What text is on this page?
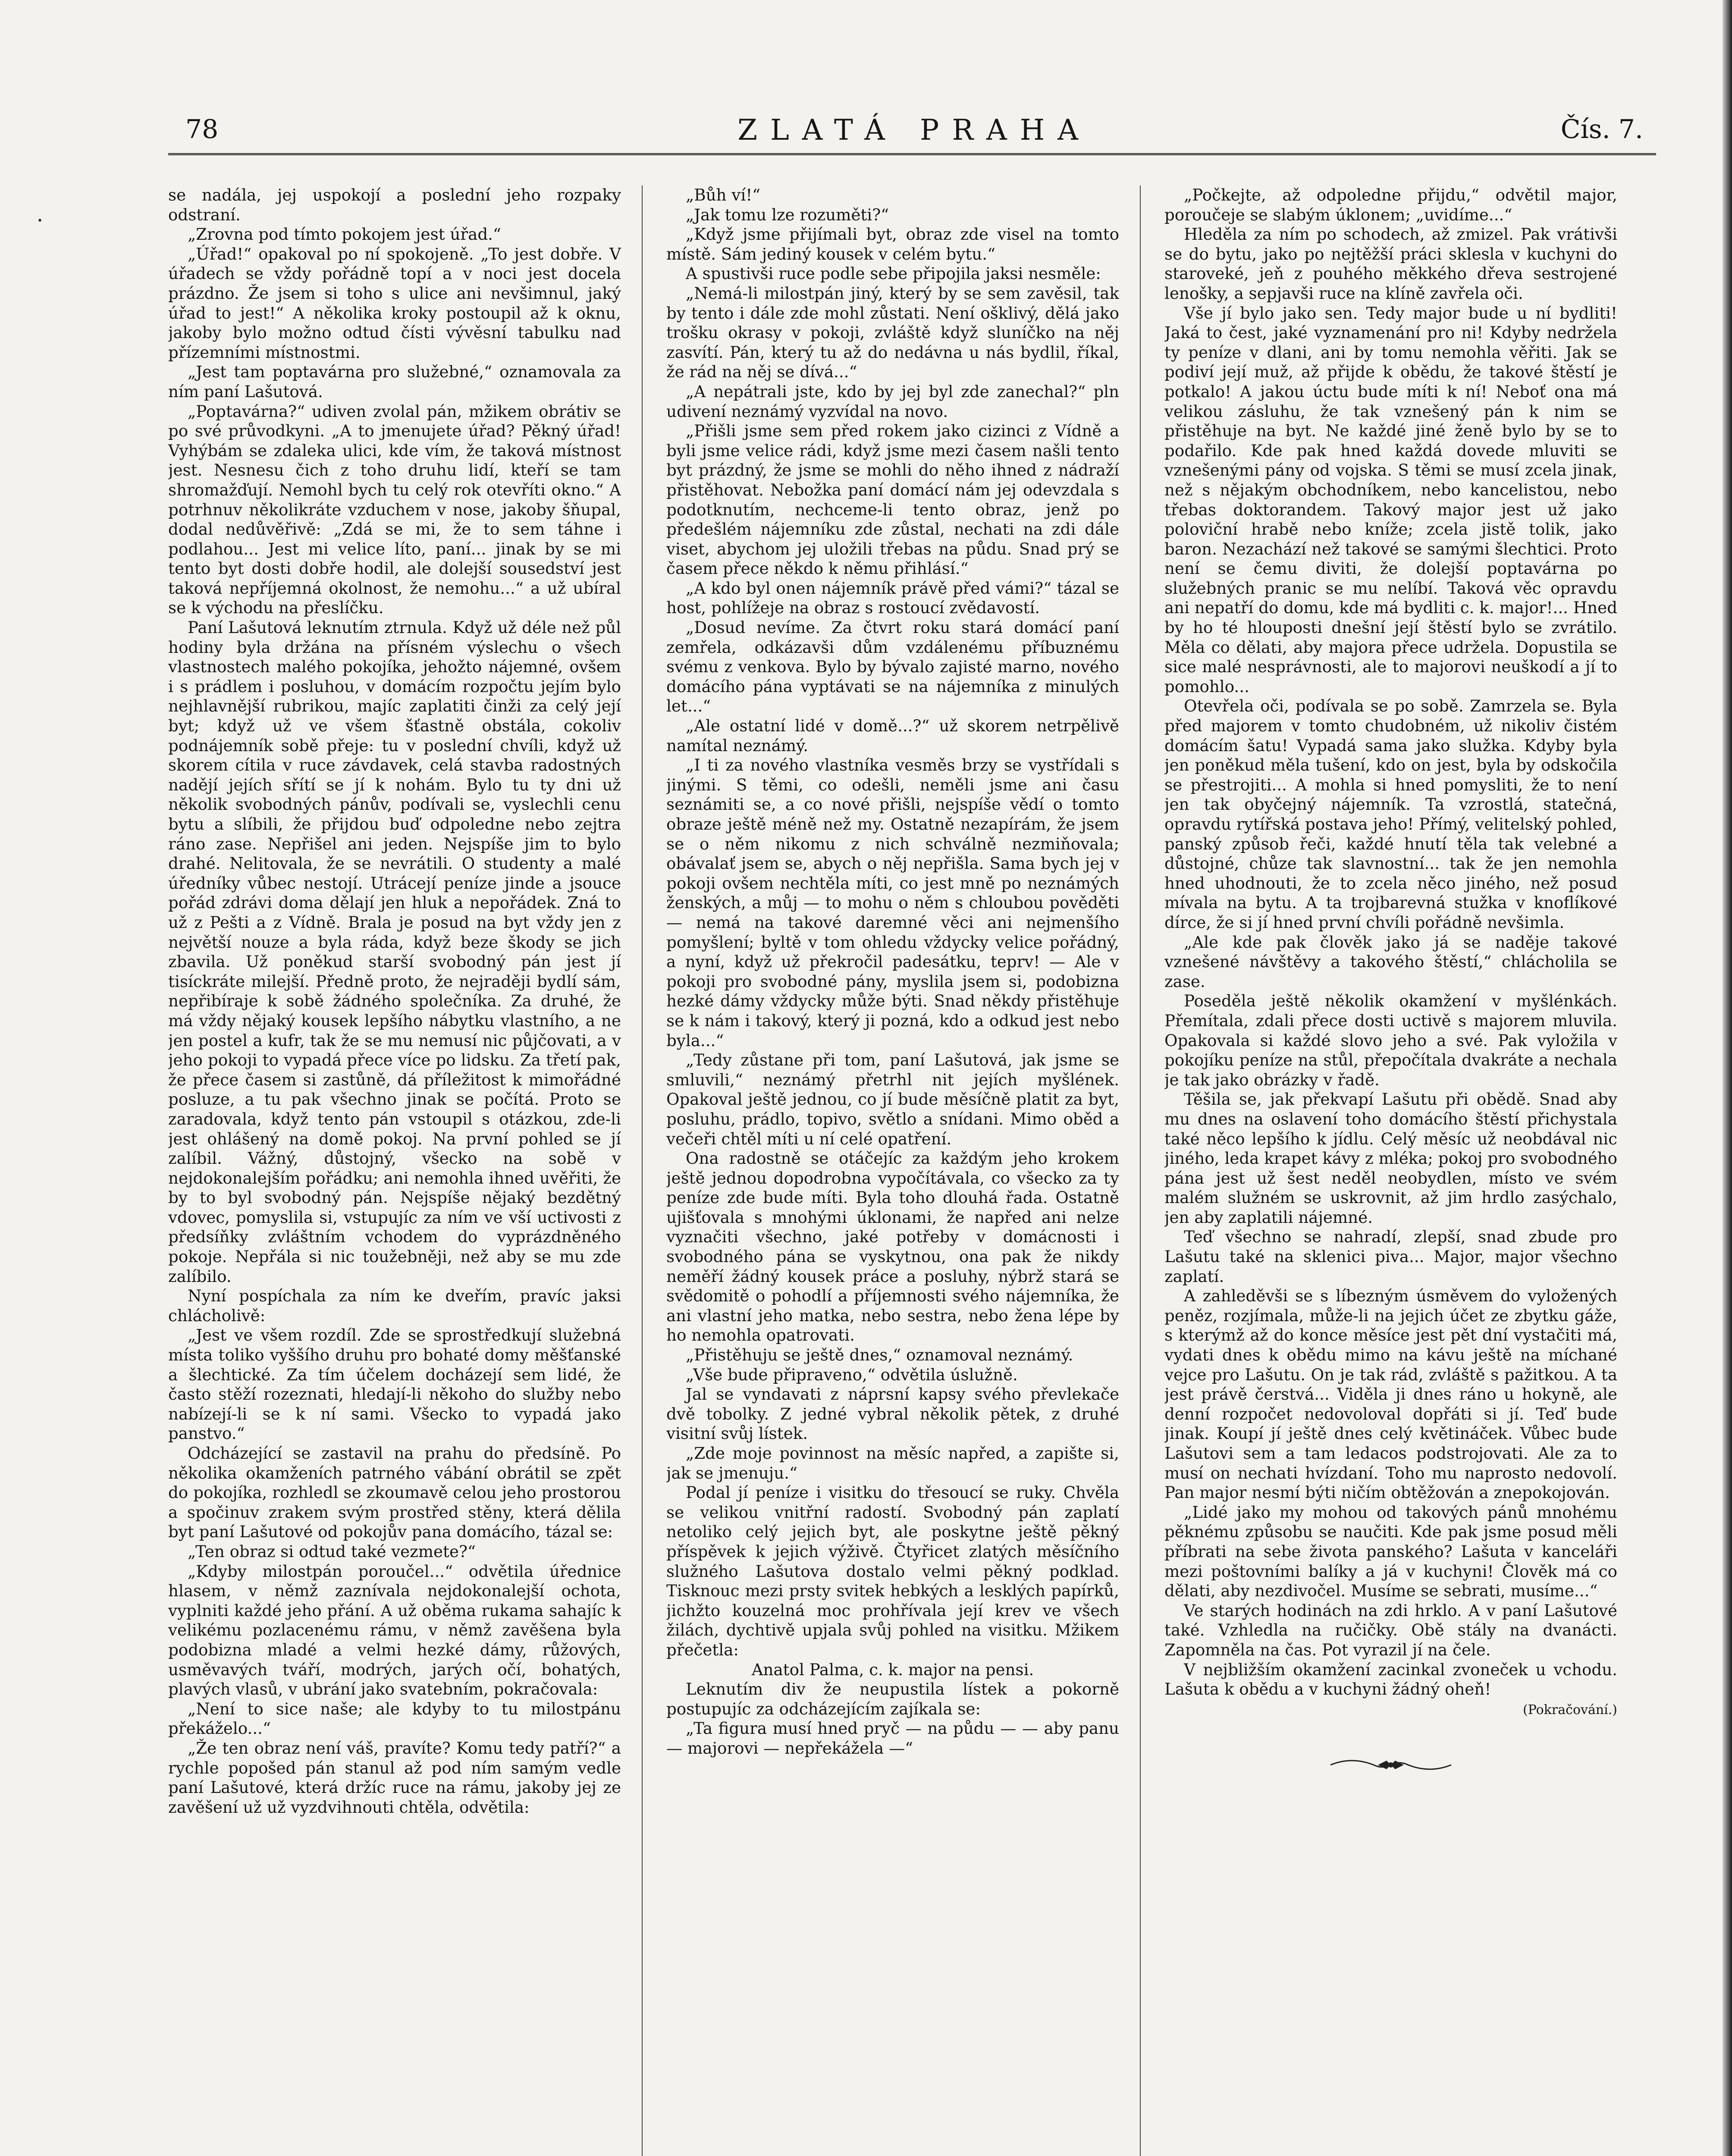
•
78	ZLATÁ PRAHA	Čís. 7.

se nadála, jej uspokojí a poslední jeho rozpaky odstraní.

„Zrovna pod tímto pokojem jest úřad.“

„Úřad!“ opakoval po ní spokojeně. „To jest dobře. V úřadech se vždy pořádně topí a v noci jest docela prázdno. Že jsem si toho s ulice ani nevšimnul, jaký úřad to jest!“ A několika kroky postoupil až k oknu, jakoby bylo možno odtud čísti vývěsní tabulku nad přízemními místnostmi.

„Jest tam poptavárna pro služebné,“ oznamovala za ním paní Lašutová.

„Poptavárna?“ udiven zvolal pán, mžikem obrátiv se po své průvodkyni. „A to jmenujete úřad? Pěkný úřad! Vyhýbám se zdaleka ulici, kde vím, že taková místnost jest. Nesnesu čich z toho druhu lidí, kteří se tam shromažďují. Nemohl bych tu celý rok otevříti okno.“ A potrhnuv několikráte vzduchem v nose, jakoby šňupal, dodal nedůvěřivě: „Zdá se mi, že to sem táhne i podlahou... Jest mi velice líto, paní... jinak by se mi tento byt dosti dobře hodil, ale dolejší sousedství jest taková nepříjemná okolnost, že nemohu...“ a už ubíral se k východu na přeslíčku.

Paní Lašutová leknutím ztrnula. Když už déle než půl hodiny byla držána na přísném výslechu o všech vlastnostech malého pokojíka, jehožto nájemné, ovšem i s prádlem i posluhou, v domácím rozpočtu jejím bylo nejhlavnější rubrikou, majíc zaplatiti činži za celý její byt; když už ve všem šťastně obstála, cokoliv podnájemník sobě přeje: tu v poslední chvíli, když už skorem cítila v ruce závdavek, celá stavba radostných nadějí jejích sřítí se jí k nohám. Bylo tu ty dni už několik svobodných pánův, podívali se, vyslechli cenu bytu a slíbili, že přijdou buď odpoledne nebo zejtra ráno zase. Nepřišel ani jeden. Nejspíše jim to bylo drahé. Nelitovala, že se nevrátili. O studenty a malé úředníky vůbec nestojí. Utrácejí peníze jinde a jsouce pořád zdrávi doma dělají jen hluk a nepořádek. Zná to už z Pešti a z Vídně. Brala je posud na byt vždy jen z největší nouze a byla ráda, když beze škody se jich zbavila. Už poněkud starší svobodný pán jest jí tisíckráte milejší. Předně proto, že nejraději bydlí sám, nepřibíraje k sobě žádného společníka. Za druhé, že má vždy nějaký kousek lepšího nábytku vlastního, a ne jen postel a kufr, tak že se mu nemusí nic půjčovati, a v jeho pokoji to vypadá přece více po lidsku. Za třetí pak, že přece časem si zastůně, dá příležitost k mimořádné posluze, a tu pak všechno jinak se počítá. Proto se zaradovala, když tento pán vstoupil s otázkou, zde-li jest ohlášený na domě pokoj. Na první pohled se jí zalíbil. Vážný, důstojný, všecko na sobě v nejdokonalejším pořádku; ani nemohla ihned uvěřiti, že by to byl svobodný pán. Nejspíše nějaký bezdětný vdovec, pomyslila si, vstupujíc za ním ve vší uctivosti z předsíňky zvláštním vchodem do vyprázdněného pokoje. Nepřála si nic toužebněji, než aby se mu zde zalíbilo.

Nyní pospíchala za ním ke dveřím, pravíc jaksi chlácholivě:

„Jest ve všem rozdíl. Zde se sprostředkují služebná místa toliko vyššího druhu pro bohaté domy měšťanské a šlechtické. Za tím účelem docházejí sem lidé, že často stěží rozeznati, hledají-li někoho do služby nebo nabízejí-li se k ní sami. Všecko to vypadá jako panstvo.“

Odcházející se zastavil na prahu do předsíně. Po několika okamženích patrného vábání obrátil se zpět do pokojíka, rozhledl se zkoumavě celou jeho prostorou a spočinuv zrakem svým prostřed stěny, která dělila byt paní Lašutové od pokojův pana domácího, tázal se:

„Ten obraz si odtud také vezmete?“

„Kdyby milostpán poroučel...“ odvětila úřednice hlasem, v němž zaznívala nejdokonalejší ochota, vyplniti každé jeho přání. A už oběma rukama sahajíc k velikému pozlacenému rámu, v němž zavěšena byla podobizna mladé a velmi hezké dámy, růžových, usměvavých tváří, modrých, jarých očí, bohatých, plavých vlasů, v ubrání jako svatebním, pokračovala:

„Není to sice naše; ale kdyby to tu milostpánu překáželo...“

„Že ten obraz není váš, pravíte? Komu tedy patří?“ a rychle popošed pán stanul až pod ním samým vedle paní Lašutové, která držíc ruce na rámu, jakoby jej ze zavěšení už už vyzdvihnouti chtěla, odvětila:

„Bůh ví!“

„Jak tomu lze rozuměti?“

„Když jsme přijímali byt, obraz zde visel na tomto místě. Sám jediný kousek v celém bytu.“

A spustivši ruce podle sebe připojila jaksi nesměle:

„Nemá-li milostpán jiný, který by se sem zavěsil, tak by tento i dále zde mohl zůstati. Není ošklivý, dělá jako trošku okrasy v pokoji, zvláště když sluníčko na něj zasvítí. Pán, který tu až do nedávna u nás bydlil, říkal, že rád na něj se dívá...“

„A nepátrali jste, kdo by jej byl zde zanechal?“ pln udivení neznámý vyzvídal na novo.

„Přišli jsme sem před rokem jako cizinci z Vídně a byli jsme velice rádi, když jsme mezi časem našli tento byt prázdný, že jsme se mohli do něho ihned z nádraží přistěhovat. Nebožka paní domácí nám jej odevzdala s podotknutím, nechceme-li tento obraz, jenž po předešlém nájemníku zde zůstal, nechati na zdi dále viset, abychom jej uložili třebas na půdu. Snad prý se časem přece někdo k němu přihlásí.“

„A kdo byl onen nájemník právě před vámi?“ tázal se host, pohlížeje na obraz s rostoucí zvědavostí.

„Dosud nevíme. Za čtvrt roku stará domácí paní zemřela, odkázavši dům vzdálenému příbuznému svému z venkova. Bylo by bývalo zajisté marno, nového domácího pána vyptávati se na nájemníka z minulých let...“

„Ale ostatní lidé v domě...?“ už skorem netrpělivě namítal neznámý.

„I ti za nového vlastníka vesměs brzy se vystřídali s jinými. S těmi, co odešli, neměli jsme ani času seznámiti se, a co nové přišli, nejspíše vědí o tomto obraze ještě méně než my. Ostatně nezapírám, že jsem se o něm nikomu z nich schválně nezmiňovala; obávalať jsem se, abych o něj nepřišla. Sama bych jej v pokoji ovšem nechtěla míti, co jest mně po neznámých ženských, a můj — to mohu o něm s chloubou pověděti — nemá na takové daremné věci ani nejmenšího pomyšlení; byltě v tom ohledu vždycky velice pořádný, a nyní, když už překročil padesátku, teprv! — Ale v pokoji pro svobodné pány, myslila jsem si, podobizna hezké dámy vždycky může býti. Snad někdy přistěhuje se k nám i takový, který ji pozná, kdo a odkud jest nebo byla...“

„Tedy zůstane při tom, paní Lašutová, jak jsme se smluvili,“ neznámý přetrhl nit jejích myšlének. Opakoval ještě jednou, co jí bude měsíčně platit za byt, posluhu, prádlo, topivo, světlo a snídani. Mimo oběd a večeři chtěl míti u ní celé opatření.

Ona radostně se otáčejíc za každým jeho krokem ještě jednou dopodrobna vypočítávala, co všecko za ty peníze zde bude míti. Byla toho dlouhá řada. Ostatně ujišťovala s mnohými úklonami, že napřed ani nelze vyznačiti všechno, jaké potřeby v domácnosti i svobodného pána se vyskytnou, ona pak že nikdy neměří žádný kousek práce a posluhy, nýbrž stará se svědomitě o pohodlí a příjemnosti svého nájemníka, že ani vlastní jeho matka, nebo sestra, nebo žena lépe by ho nemohla opatrovati.

„Přistěhuju se ještě dnes,“ oznamoval neznámý.

„Vše bude připraveno,“ odvětila úslužně.

Jal se vyndavati z náprsní kapsy svého převlekače dvě tobolky. Z jedné vybral několik pětek, z druhé visitní svůj lístek.

„Zde moje povinnost na měsíc napřed, a zapište si, jak se jmenuju.“

Podal jí peníze i visitku do třesoucí se ruky. Chvěla se velikou vnitřní radostí. Svobodný pán zaplatí netoliko celý jejich byt, ale poskytne ještě pěkný příspěvek k jejich výživě. Čtyřicet zlatých měsíčního služného Lašutova dostalo velmi pěkný podklad. Tisknouc mezi prsty svitek hebkých a lesklých papírků, jichžto kouzelná moc prohřívala její krev ve všech žilách, dychtivě upjala svůj pohled na visitku. Mžikem přečetla:

Anatol Palma, c. k. major na pensi.

Leknutím div že neupustila lístek a pokorně postupujíc za odcházejícím zajíkala se:

„Ta figura musí hned pryč — na půdu — — aby panu — majorovi — nepřekážela —“

„Počkejte, až odpoledne přijdu,“ odvětil major, poroučeje se slabým úklonem; „uvidíme...“

Hleděla za ním po schodech, až zmizel. Pak vrátivši se do bytu, jako po nejtěžší práci sklesla v kuchyni do staroveké, jeň z pouhého měkkého dřeva sestrojené lenošky, a sepjavši ruce na klíně zavřela oči.

Vše jí bylo jako sen. Tedy major bude u ní bydliti! Jaká to čest, jaké vyznamenání pro ni! Kdyby nedržela ty peníze v dlani, ani by tomu nemohla věřiti. Jak se podiví její muž, až přijde k obědu, že takové štěstí je potkalo! A jakou úctu bude míti k ní! Neboť ona má velikou zásluhu, že tak vznešený pán k nim se přistěhuje na byt. Ne každé jiné ženě bylo by se to podařilo. Kde pak hned každá dovede mluviti se vznešenými pány od vojska. S těmi se musí zcela jinak, než s nějakým obchodníkem, nebo kancelistou, nebo třebas doktorandem. Takový major jest už jako poloviční hrabě nebo kníže; zcela jistě tolik, jako baron. Nezachází než takové se samými šlechtici. Proto není se čemu diviti, že dolejší poptavárna po služebných pranic se mu nelíbí. Taková věc opravdu ani nepatří do domu, kde má bydliti c. k. major!... Hned by ho té hlouposti dnešní její štěstí bylo se zvrátilo. Měla co dělati, aby majora přece udržela. Dopustila se sice malé nesprávnosti, ale to majorovi neuškodí a jí to pomohlo...

Otevřela oči, podívala se po sobě. Zamrzela se. Byla před majorem v tomto chudobném, už nikoliv čistém domácím šatu! Vypadá sama jako služka. Kdyby byla jen poněkud měla tušení, kdo on jest, byla by odskočila se přestrojiti... A mohla si hned pomysliti, že to není jen tak obyčejný nájemník. Ta vzrostlá, statečná, opravdu rytířská postava jeho! Přímý, velitelský pohled, panský způsob řeči, každé hnutí těla tak velebné a důstojné, chůze tak slavnostní... tak že jen nemohla hned uhodnouti, že to zcela něco jiného, než posud mívala na bytu. A ta trojbarevná stužka v knoflíkové dírce, že si jí hned první chvíli pořádně nevšimla.

„Ale kde pak člověk jako já se naděje takové vznešené návštěvy a takového štěstí,“ chlácholila se zase.

Poseděla ještě několik okamžení v myšlénkách. Přemítala, zdali přece dosti uctivě s majorem mluvila. Opakovala si každé slovo jeho a své. Pak vyložila v pokojíku peníze na stůl, přepočítala dvakráte a nechala je tak jako obrázky v řadě.

Těšila se, jak překvapí Lašutu při obědě. Snad aby mu dnes na oslavení toho domácího štěstí přichystala také něco lepšího k jídlu. Celý měsíc už neobdával nic jiného, leda krapet kávy z mléka; pokoj pro svobodného pána jest už šest neděl neobydlen, místo ve svém malém služném se uskrovnit, až jim hrdlo zasýchalo, jen aby zaplatili nájemné.

Teď všechno se nahradí, zlepší, snad zbude pro Lašutu také na sklenici piva... Major, major všechno zaplatí.

A zahleděvši se s líbezným úsměvem do vyložených peněz, rozjímala, může-li na jejich účet ze zbytku gáže, s kterýmž až do konce měsíce jest pět dní vystačiti má, vydati dnes k obědu mimo na kávu ještě na míchané vejce pro Lašutu. On je tak rád, zvláště s pažitkou. A ta jest právě čerstvá... Viděla ji dnes ráno u hokyně, ale denní rozpočet nedovoloval dopřáti si jí. Teď bude jinak. Koupí jí ještě dnes celý květináček. Vůbec bude Lašutovi sem a tam ledacos podstrojovati. Ale za to musí on nechati hvízdaní. Toho mu naprosto nedovolí. Pan major nesmí býti ničím obtěžován a znepokojován.

„Lidé jako my mohou od takových pánů mnohému pěknému způsobu se naučiti. Kde pak jsme posud měli příbrati na sebe života panského? Lašuta v kanceláři mezi poštovními balíky a já v kuchyni! Člověk má co dělati, aby nezdivočel. Musíme se sebrati, musíme...“

Ve starých hodinách na zdi hrklo. A v paní Lašutové také. Vzhledla na ručičky. Obě stály na dvanácti. Zapomněla na čas. Pot vyrazil jí na čele.

V nejbližším okamžení zacinkal zvoneček u vchodu. Lašuta k obědu a v kuchyni žádný oheň!

(Pokračování.)
